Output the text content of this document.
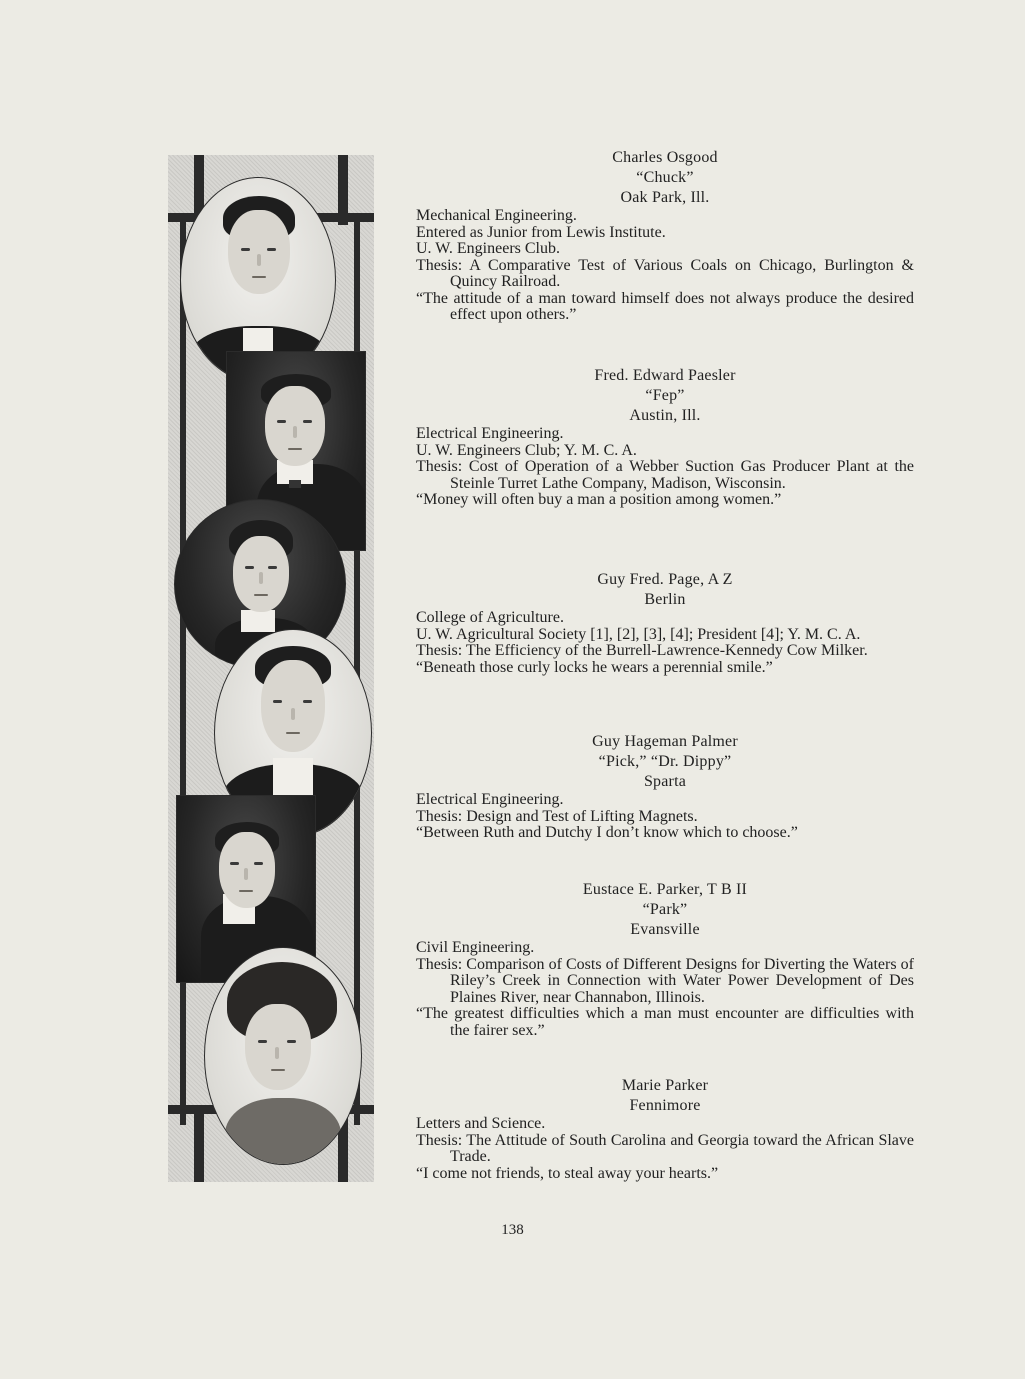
Charles Osgood
“Chuck”
Oak Park, Ill.
Mechanical Engineering.
Entered as Junior from Lewis Institute.
U. W. Engineers Club.
Thesis: A Comparative Test of Various Coals on Chicago, Burlington & Quincy Railroad.
“The attitude of a man toward himself does not always produce the desired effect upon others.”
Fred. Edward Paesler
“Fep”
Austin, Ill.
Electrical Engineering.
U. W. Engineers Club; Y. M. C. A.
Thesis: Cost of Operation of a Webber Suction Gas Producer Plant at the Steinle Turret Lathe Company, Madison, Wisconsin.
“Money will often buy a man a position among women.”
Guy Fred. Page, A Z
Berlin
College of Agriculture.
U. W. Agricultural Society [1], [2], [3], [4]; President [4]; Y. M. C. A.
Thesis: The Efficiency of the Burrell-Lawrence-Kennedy Cow Milker.
“Beneath those curly locks he wears a perennial smile.”
Guy Hageman Palmer
“Pick,” “Dr. Dippy”
Sparta
Electrical Engineering.
Thesis: Design and Test of Lifting Magnets.
“Between Ruth and Dutchy I don’t know which to choose.”
Eustace E. Parker, T B II
“Park”
Evansville
Civil Engineering.
Thesis: Comparison of Costs of Different Designs for Diverting the Waters of Riley’s Creek in Connection with Water Power Development of Des Plaines River, near Channabon, Illinois.
“The greatest difficulties which a man must encounter are difficulties with the fairer sex.”
Marie Parker
Fennimore
Letters and Science.
Thesis: The Attitude of South Carolina and Georgia toward the African Slave Trade.
“I come not friends, to steal away your hearts.”
138
